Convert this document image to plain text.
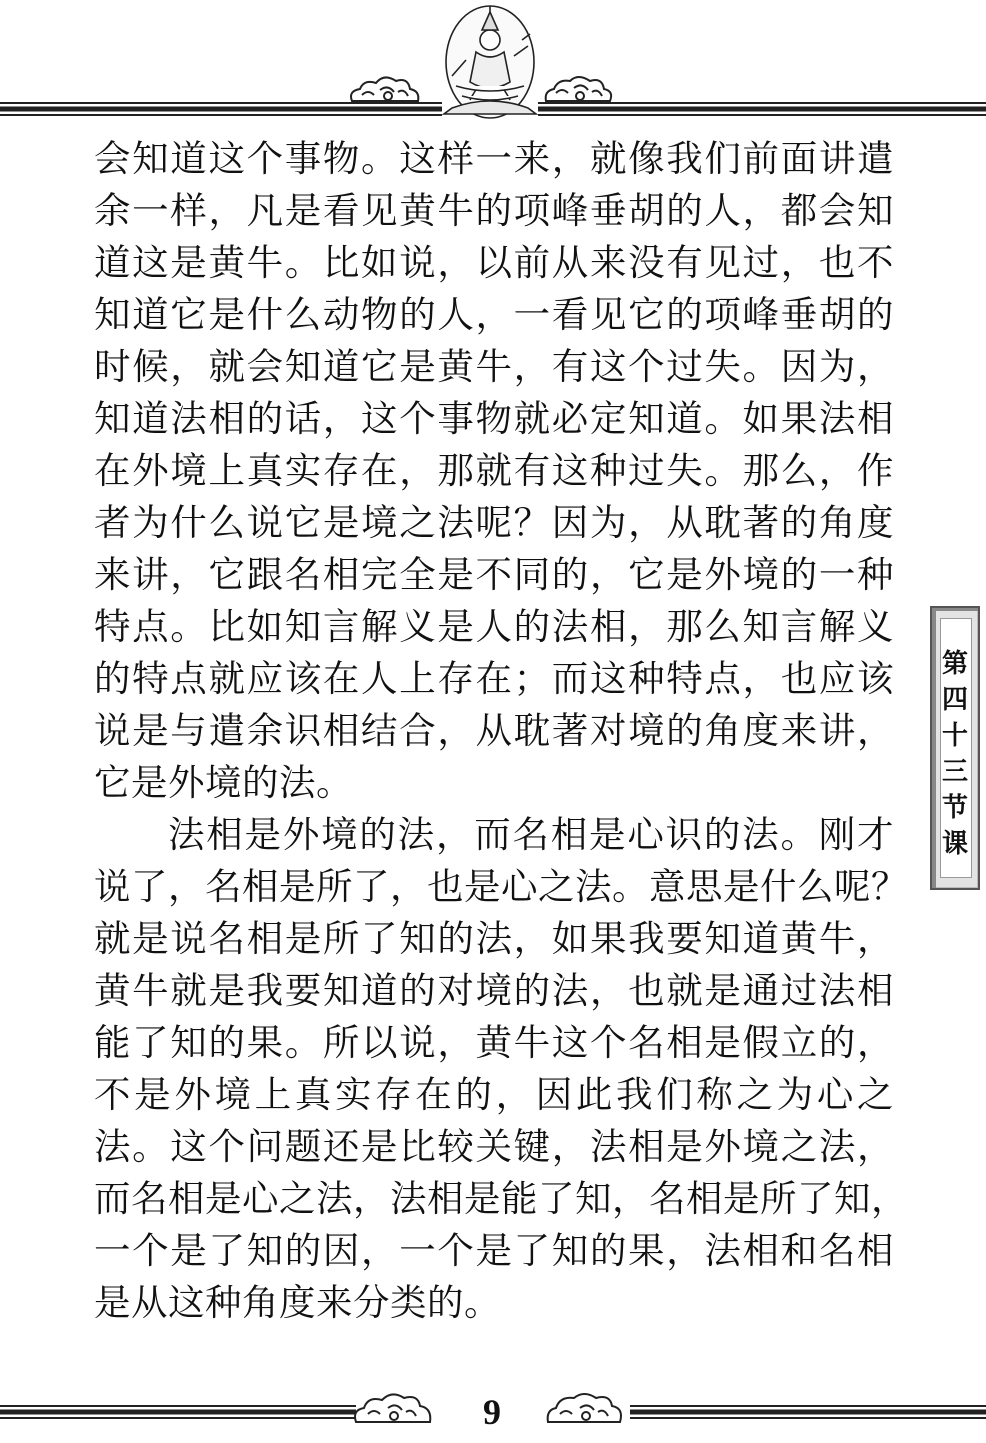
会知道这个事物。这样一来，就像我们前面讲遣
余一样，凡是看见黄牛的项峰垂胡的人，都会知
道这是黄牛。比如说，以前从来没有见过，也不
知道它是什么动物的人，一看见它的项峰垂胡的
时候，就会知道它是黄牛，有这个过失。因为，
知道法相的话，这个事物就必定知道。如果法相
在外境上真实存在，那就有这种过失。那么，作
者为什么说它是境之法呢？因为，从耽著的角度
来讲，它跟名相完全是不同的，它是外境的一种
特点。比如知言解义是人的法相，那么知言解义
的特点就应该在人上存在；而这种特点，也应该
说是与遣余识相结合，从耽著对境的角度来讲，
它是外境的法。
法相是外境的法，而名相是心识的法。刚才
说了，名相是所了，也是心之法。意思是什么呢？
就是说名相是所了知的法，如果我要知道黄牛，
黄牛就是我要知道的对境的法，也就是通过法相
能了知的果。所以说，黄牛这个名相是假立的，
不是外境上真实存在的，因此我们称之为心之
法。这个问题还是比较关键，法相是外境之法，
而名相是心之法，法相是能了知，名相是所了知，
一个是了知的因，一个是了知的果，法相和名相
是从这种角度来分类的。
第
四
十
三
节
课
9
